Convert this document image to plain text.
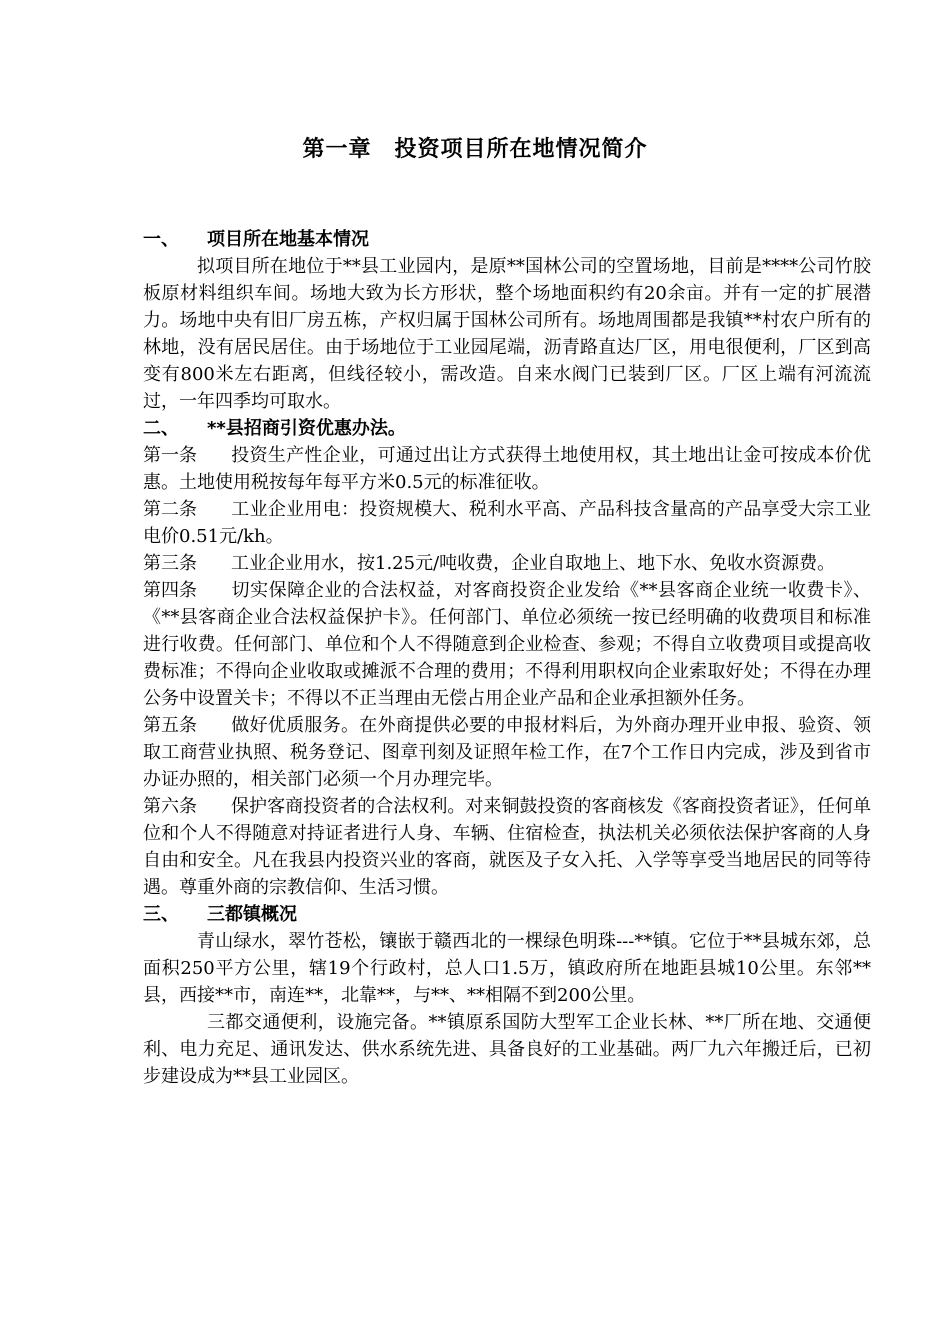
第一章　投资项目所在地情况简介
一、 项目所在地基本情况

拟项目所在地位于**县工业园内，是原**国林公司的空置场地，目前是****公司竹胶板原材料组织车间。场地大致为长方形状，整个场地面积约有20余亩。并有一定的扩展潜力。场地中央有旧厂房五栋，产权归属于国林公司所有。场地周围都是我镇**村农户所有的林地，没有居民居住。由于场地位于工业园尾端，沥青路直达厂区，用电很便利，厂区到高变有800米左右距离，但线径较小，需改造。自来水阀门已装到厂区。厂区上端有河流流过，一年四季均可取水。

二、 **县招商引资优惠办法。

第一条 投资生产性企业，可通过出让方式获得土地使用权，其土地出让金可按成本价优惠。土地使用税按每年每平方米0.5元的标准征收。

第二条 工业企业用电：投资规模大、税利水平高、产品科技含量高的产品享受大宗工业电价0.51元/kh。

第三条 工业企业用水，按1.25元/吨收费，企业自取地上、地下水、免收水资源费。

第四条 切实保障企业的合法权益，对客商投资企业发给《**县客商企业统一收费卡》、《**县客商企业合法权益保护卡》。任何部门、单位必须统一按已经明确的收费项目和标准进行收费。任何部门、单位和个人不得随意到企业检查、参观；不得自立收费项目或提高收费标准；不得向企业收取或摊派不合理的费用；不得利用职权向企业索取好处；不得在办理公务中设置关卡；不得以不正当理由无偿占用企业产品和企业承担额外任务。

第五条 做好优质服务。在外商提供必要的申报材料后，为外商办理开业申报、验资、领取工商营业执照、税务登记、图章刊刻及证照年检工作，在7个工作日内完成，涉及到省市办证办照的，相关部门必须一个月办理完毕。

第六条 保护客商投资者的合法权利。对来铜鼓投资的客商核发《客商投资者证》，任何单位和个人不得随意对持证者进行人身、车辆、住宿检查，执法机关必须依法保护客商的人身自由和安全。凡在我县内投资兴业的客商，就医及子女入托、入学等享受当地居民的同等待遇。尊重外商的宗教信仰、生活习惯。

三、 三都镇概况

青山绿水，翠竹苍松，镶嵌于赣西北的一棵绿色明珠---**镇。它位于**县城东郊，总面积250平方公里，辖19个行政村，总人口1.5万，镇政府所在地距县城10公里。东邻**县，西接**市，南连**，北靠**，与**、**相隔不到200公里。

三都交通便利，设施完备。**镇原系国防大型军工企业长林、**厂所在地、交通便利、电力充足、通讯发达、供水系统先进、具备良好的工业基础。两厂九六年搬迁后，已初步建设成为**县工业园区。
